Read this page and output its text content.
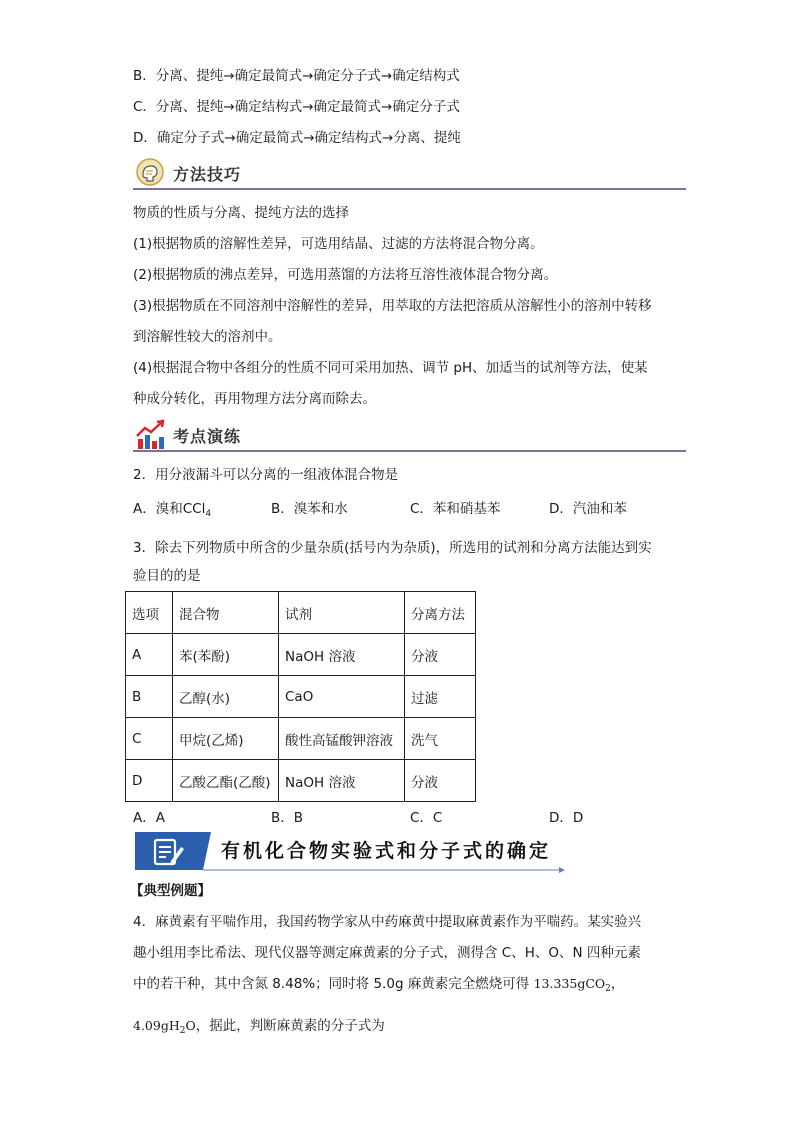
B．分离、提纯→确定最简式→确定分子式→确定结构式
C．分离、提纯→确定结构式→确定最简式→确定分子式
D．确定分子式→确定最简式→确定结构式→分离、提纯
方法技巧
物质的性质与分离、提纯方法的选择
(1)根据物质的溶解性差异，可选用结晶、过滤的方法将混合物分离。
(2)根据物质的沸点差异，可选用蒸馏的方法将互溶性液体混合物分离。
(3)根据物质在不同溶剂中溶解性的差异，用萃取的方法把溶质从溶解性小的溶剂中转移
到溶解性较大的溶剂中。
(4)根据混合物中各组分的性质不同可采用加热、调节 pH、加适当的试剂等方法，使某
种成分转化，再用物理方法分离而除去。
考点演练
2．用分液漏斗可以分离的一组液体混合物是
A．溴和CCl$_4$	B．溴苯和水	C．苯和硝基苯	D．汽油和苯
3．除去下列物质中所含的少量杂质(括号内为杂质)，所选用的试剂和分离方法能达到实
验目的的是
选项	混合物	试剂	分离方法
A	苯(苯酚)	NaOH 溶液	分液
B	乙醇(水)	CaO	过滤
C	甲烷(乙烯)	酸性高锰酸钾溶液	洗气
D	乙酸乙酯(乙酸)	NaOH 溶液	分液
A．A	B．B	C．C	D．D
有机化合物实验式和分子式的确定
【典型例题】
4．麻黄素有平喘作用，我国药物学家从中药麻黄中提取麻黄素作为平喘药。某实验兴
趣小组用李比希法、现代仪器等测定麻黄素的分子式，测得含 C、H、O、N 四种元素
中的若干种，其中含氮 8.48%；同时将 5.0g 麻黄素完全燃烧可得 13.335gCO$_2$，
$4.09gH_2O$，据此，判断麻黄素的分子式为
